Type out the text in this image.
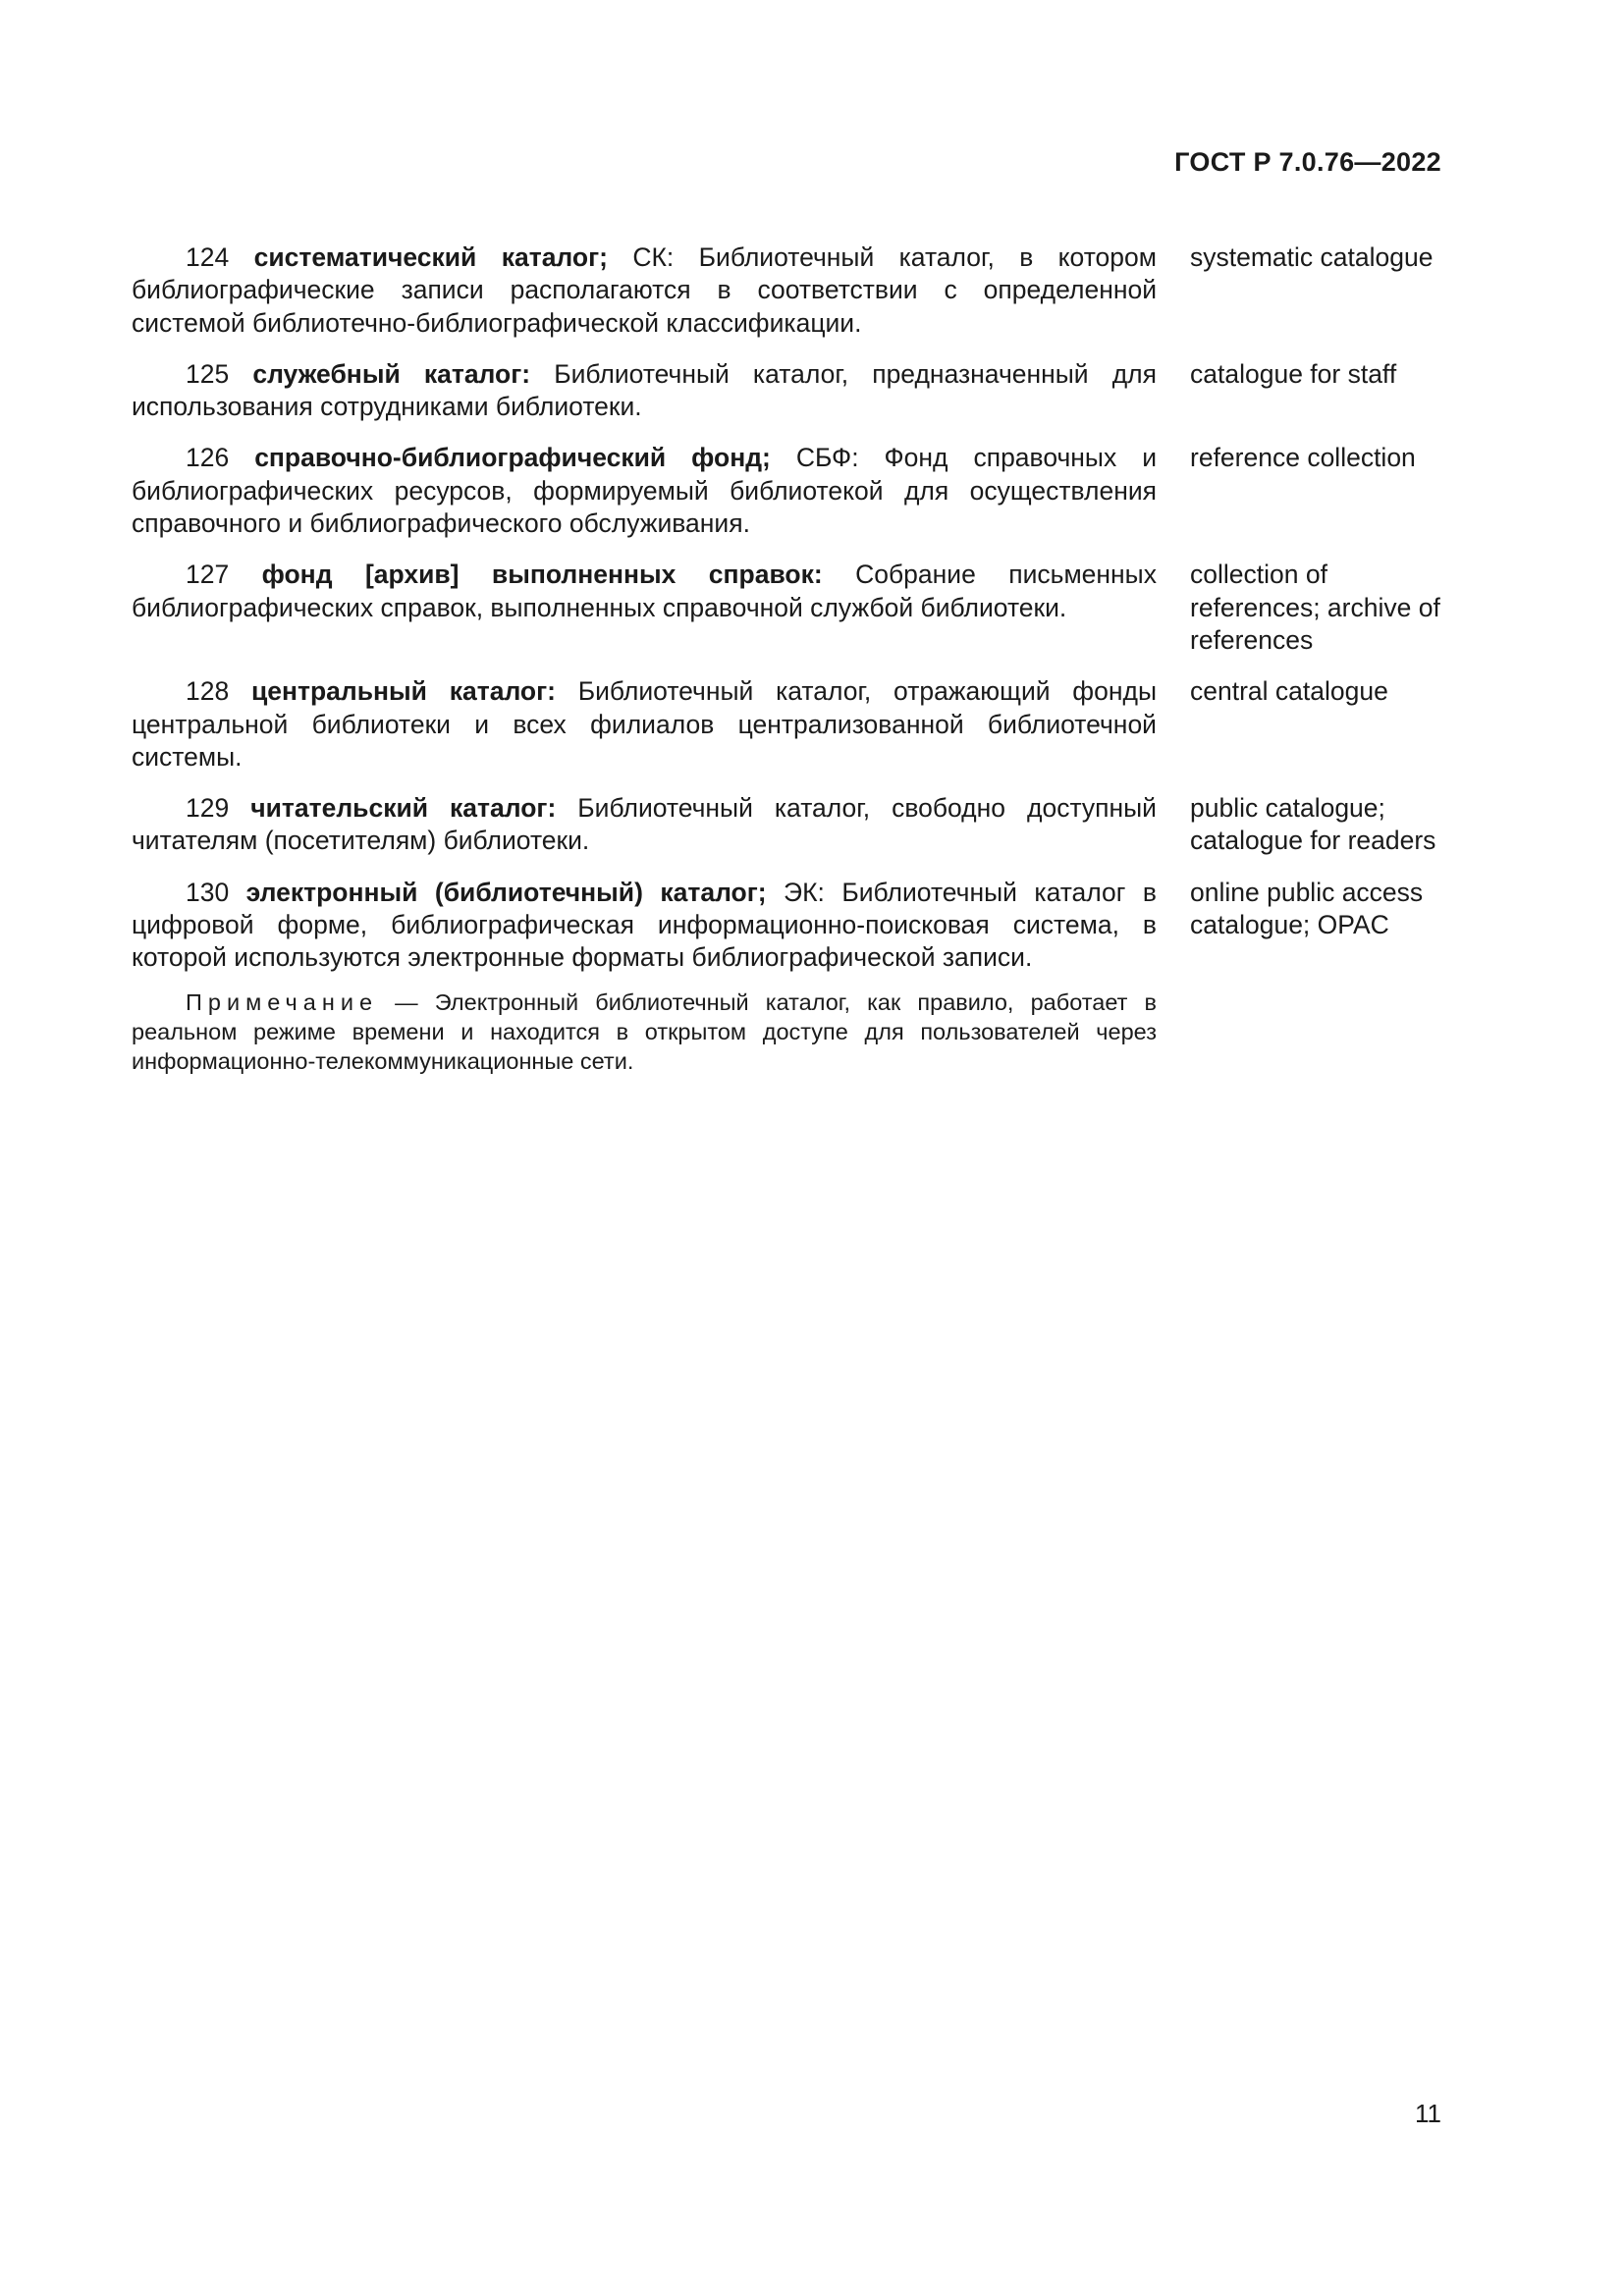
ГОСТ Р 7.0.76—2022
124 систематический каталог; СК: Библиотечный каталог, в котором библиографические записи располагаются в соответствии с определенной системой библиотечно-библиографической классификации.
systematic catalogue
125 служебный каталог: Библиотечный каталог, предназначенный для использования сотрудниками библиотеки.
catalogue for staff
126 справочно-библиографический фонд; СБФ: Фонд справочных и библиографических ресурсов, формируемый библиотекой для осуществления справочного и библиографического обслуживания.
reference collection
127 фонд [архив] выполненных справок: Собрание письменных библиографических справок, выполненных справочной службой библиотеки.
collection of references; archive of references
128 центральный каталог: Библиотечный каталог, отражающий фонды центральной библиотеки и всех филиалов централизованной библиотечной системы.
central catalogue
129 читательский каталог: Библиотечный каталог, свободно доступный читателям (посетителям) библиотеки.
public catalogue; catalogue for readers
130 электронный (библиотечный) каталог; ЭК: Библиотечный каталог в цифровой форме, библиографическая информационно-поисковая система, в которой используются электронные форматы библиографической записи.
online public access catalogue; OPAC
Примечание — Электронный библиотечный каталог, как правило, работает в реальном режиме времени и находится в открытом доступе для пользователей через информационно-телекоммуникационные сети.
11
